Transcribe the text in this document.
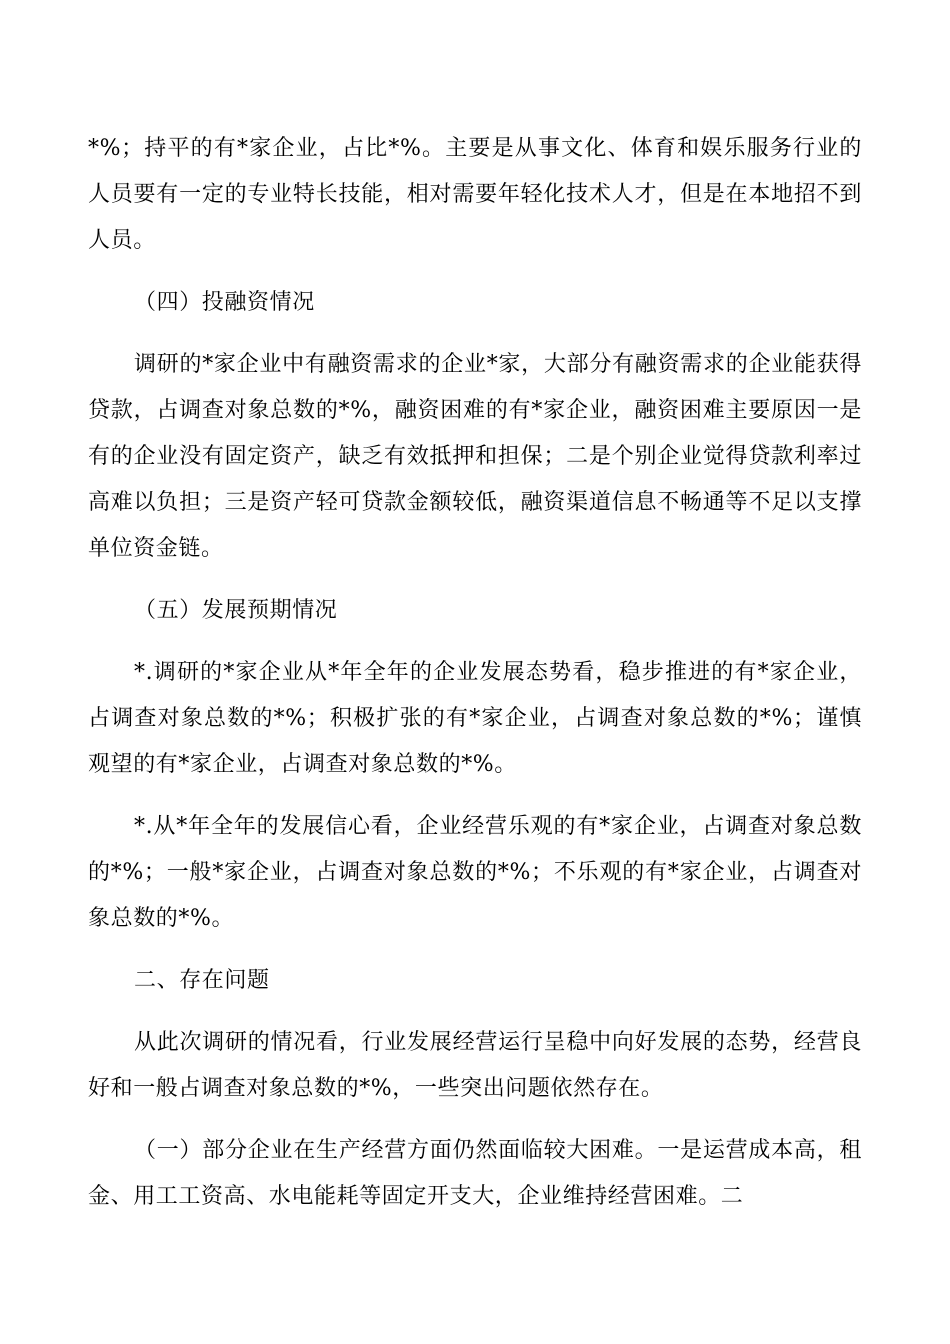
*%；持平的有*家企业，占比*%。主要是从事文化、体育和娱乐服务行业的人员要有一定的专业特长技能，相对需要年轻化技术人才，但是在本地招不到人员。

（四）投融资情况

调研的*家企业中有融资需求的企业*家，大部分有融资需求的企业能获得贷款，占调查对象总数的*%，融资困难的有*家企业，融资困难主要原因一是有的企业没有固定资产，缺乏有效抵押和担保；二是个别企业觉得贷款利率过高难以负担；三是资产轻可贷款金额较低，融资渠道信息不畅通等不足以支撑单位资金链。

（五）发展预期情况

*.调研的*家企业从*年全年的企业发展态势看，稳步推进的有*家企业，占调查对象总数的*%；积极扩张的有*家企业，占调查对象总数的*%；谨慎观望的有*家企业，占调查对象总数的*%。

*.从*年全年的发展信心看，企业经营乐观的有*家企业，占调查对象总数的*%；一般*家企业，占调查对象总数的*%；不乐观的有*家企业，占调查对象总数的*%。

二、存在问题

从此次调研的情况看，行业发展经营运行呈稳中向好发展的态势，经营良好和一般占调查对象总数的*%，一些突出问题依然存在。

（一）部分企业在生产经营方面仍然面临较大困难。一是运营成本高，租金、用工工资高、水电能耗等固定开支大，企业维持经营困难。二
